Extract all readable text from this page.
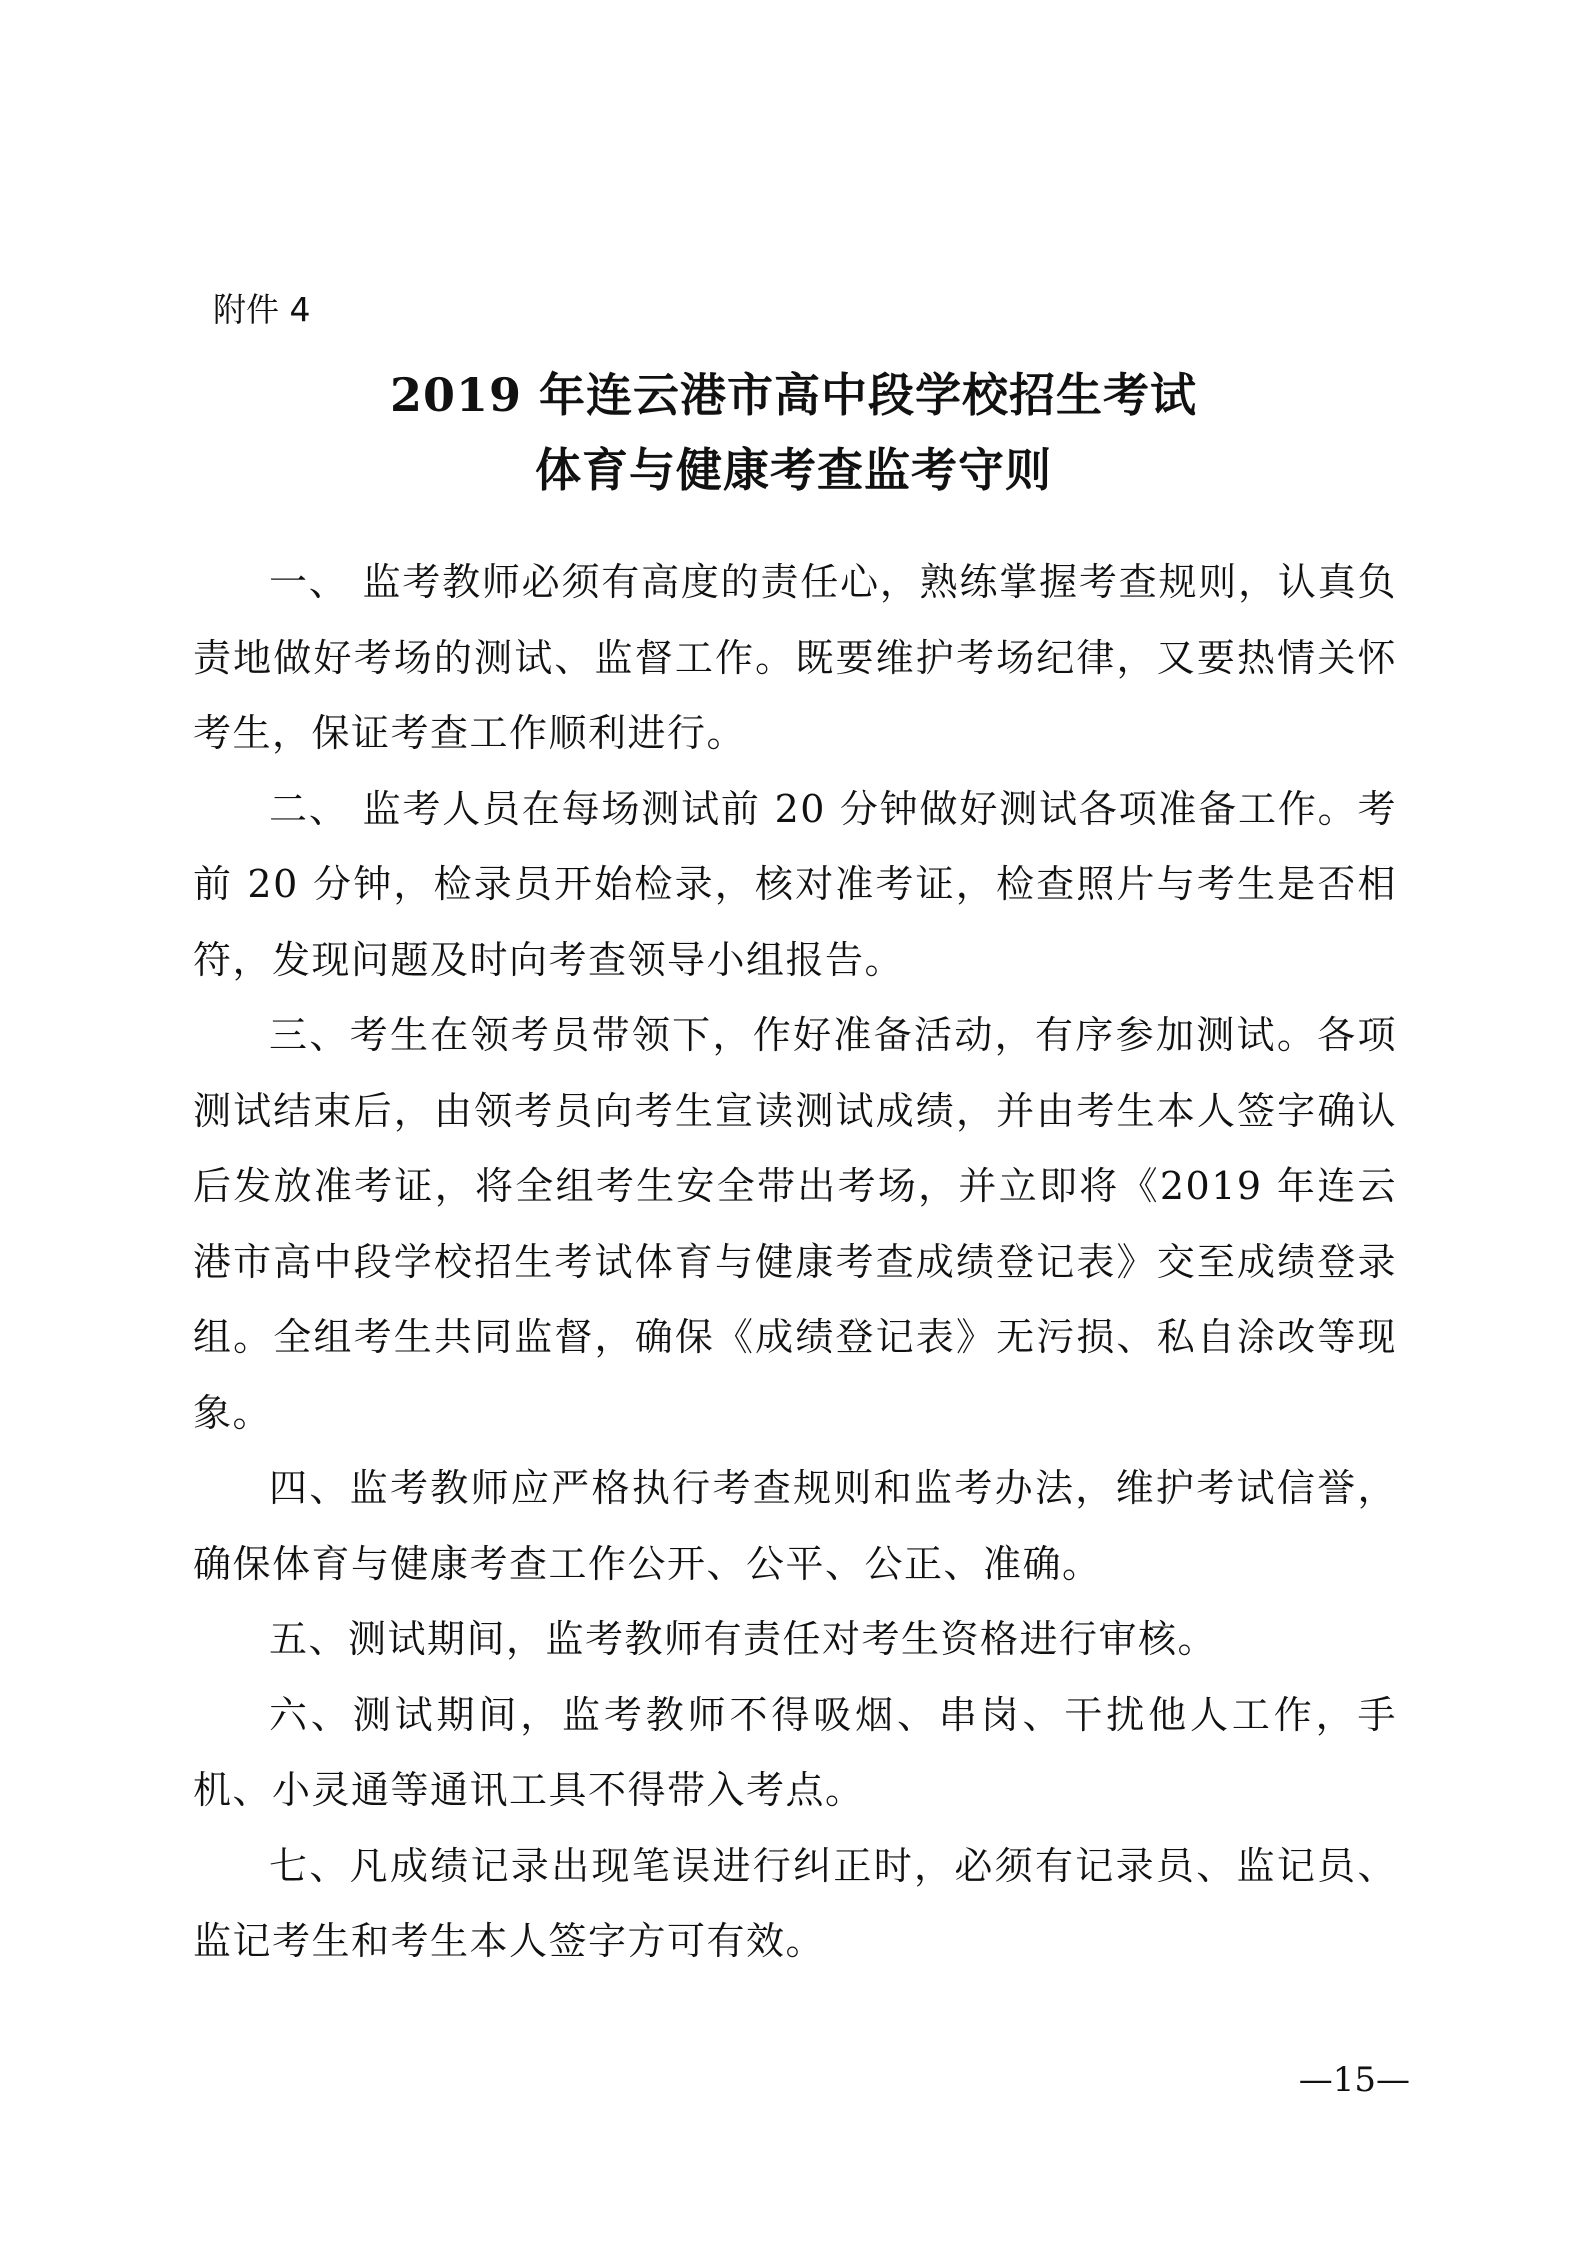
附件 4
2019 年连云港市高中段学校招生考试
体育与健康考查监考守则

一、 监考教师必须有高度的责任心，熟练掌握考查规则，认真负责地做好考场的测试、监督工作。既要维护考场纪律，又要热情关怀考生，保证考查工作顺利进行。

二、 监考人员在每场测试前 20 分钟做好测试各项准备工作。考前 20 分钟，检录员开始检录，核对准考证，检查照片与考生是否相符，发现问题及时向考查领导小组报告。

三、考生在领考员带领下，作好准备活动，有序参加测试。各项测试结束后，由领考员向考生宣读测试成绩，并由考生本人签字确认后发放准考证，将全组考生安全带出考场，并立即将《2019 年连云港市高中段学校招生考试体育与健康考查成绩登记表》交至成绩登录组。全组考生共同监督，确保《成绩登记表》无污损、私自涂改等现象。

四、监考教师应严格执行考查规则和监考办法，维护考试信誉，确保体育与健康考查工作公开、公平、公正、准确。

五、测试期间，监考教师有责任对考生资格进行审核。

六、测试期间，监考教师不得吸烟、串岗、干扰他人工作，手机、小灵通等通讯工具不得带入考点。

七、凡成绩记录出现笔误进行纠正时，必须有记录员、监记员、监记考生和考生本人签字方可有效。

—15—
